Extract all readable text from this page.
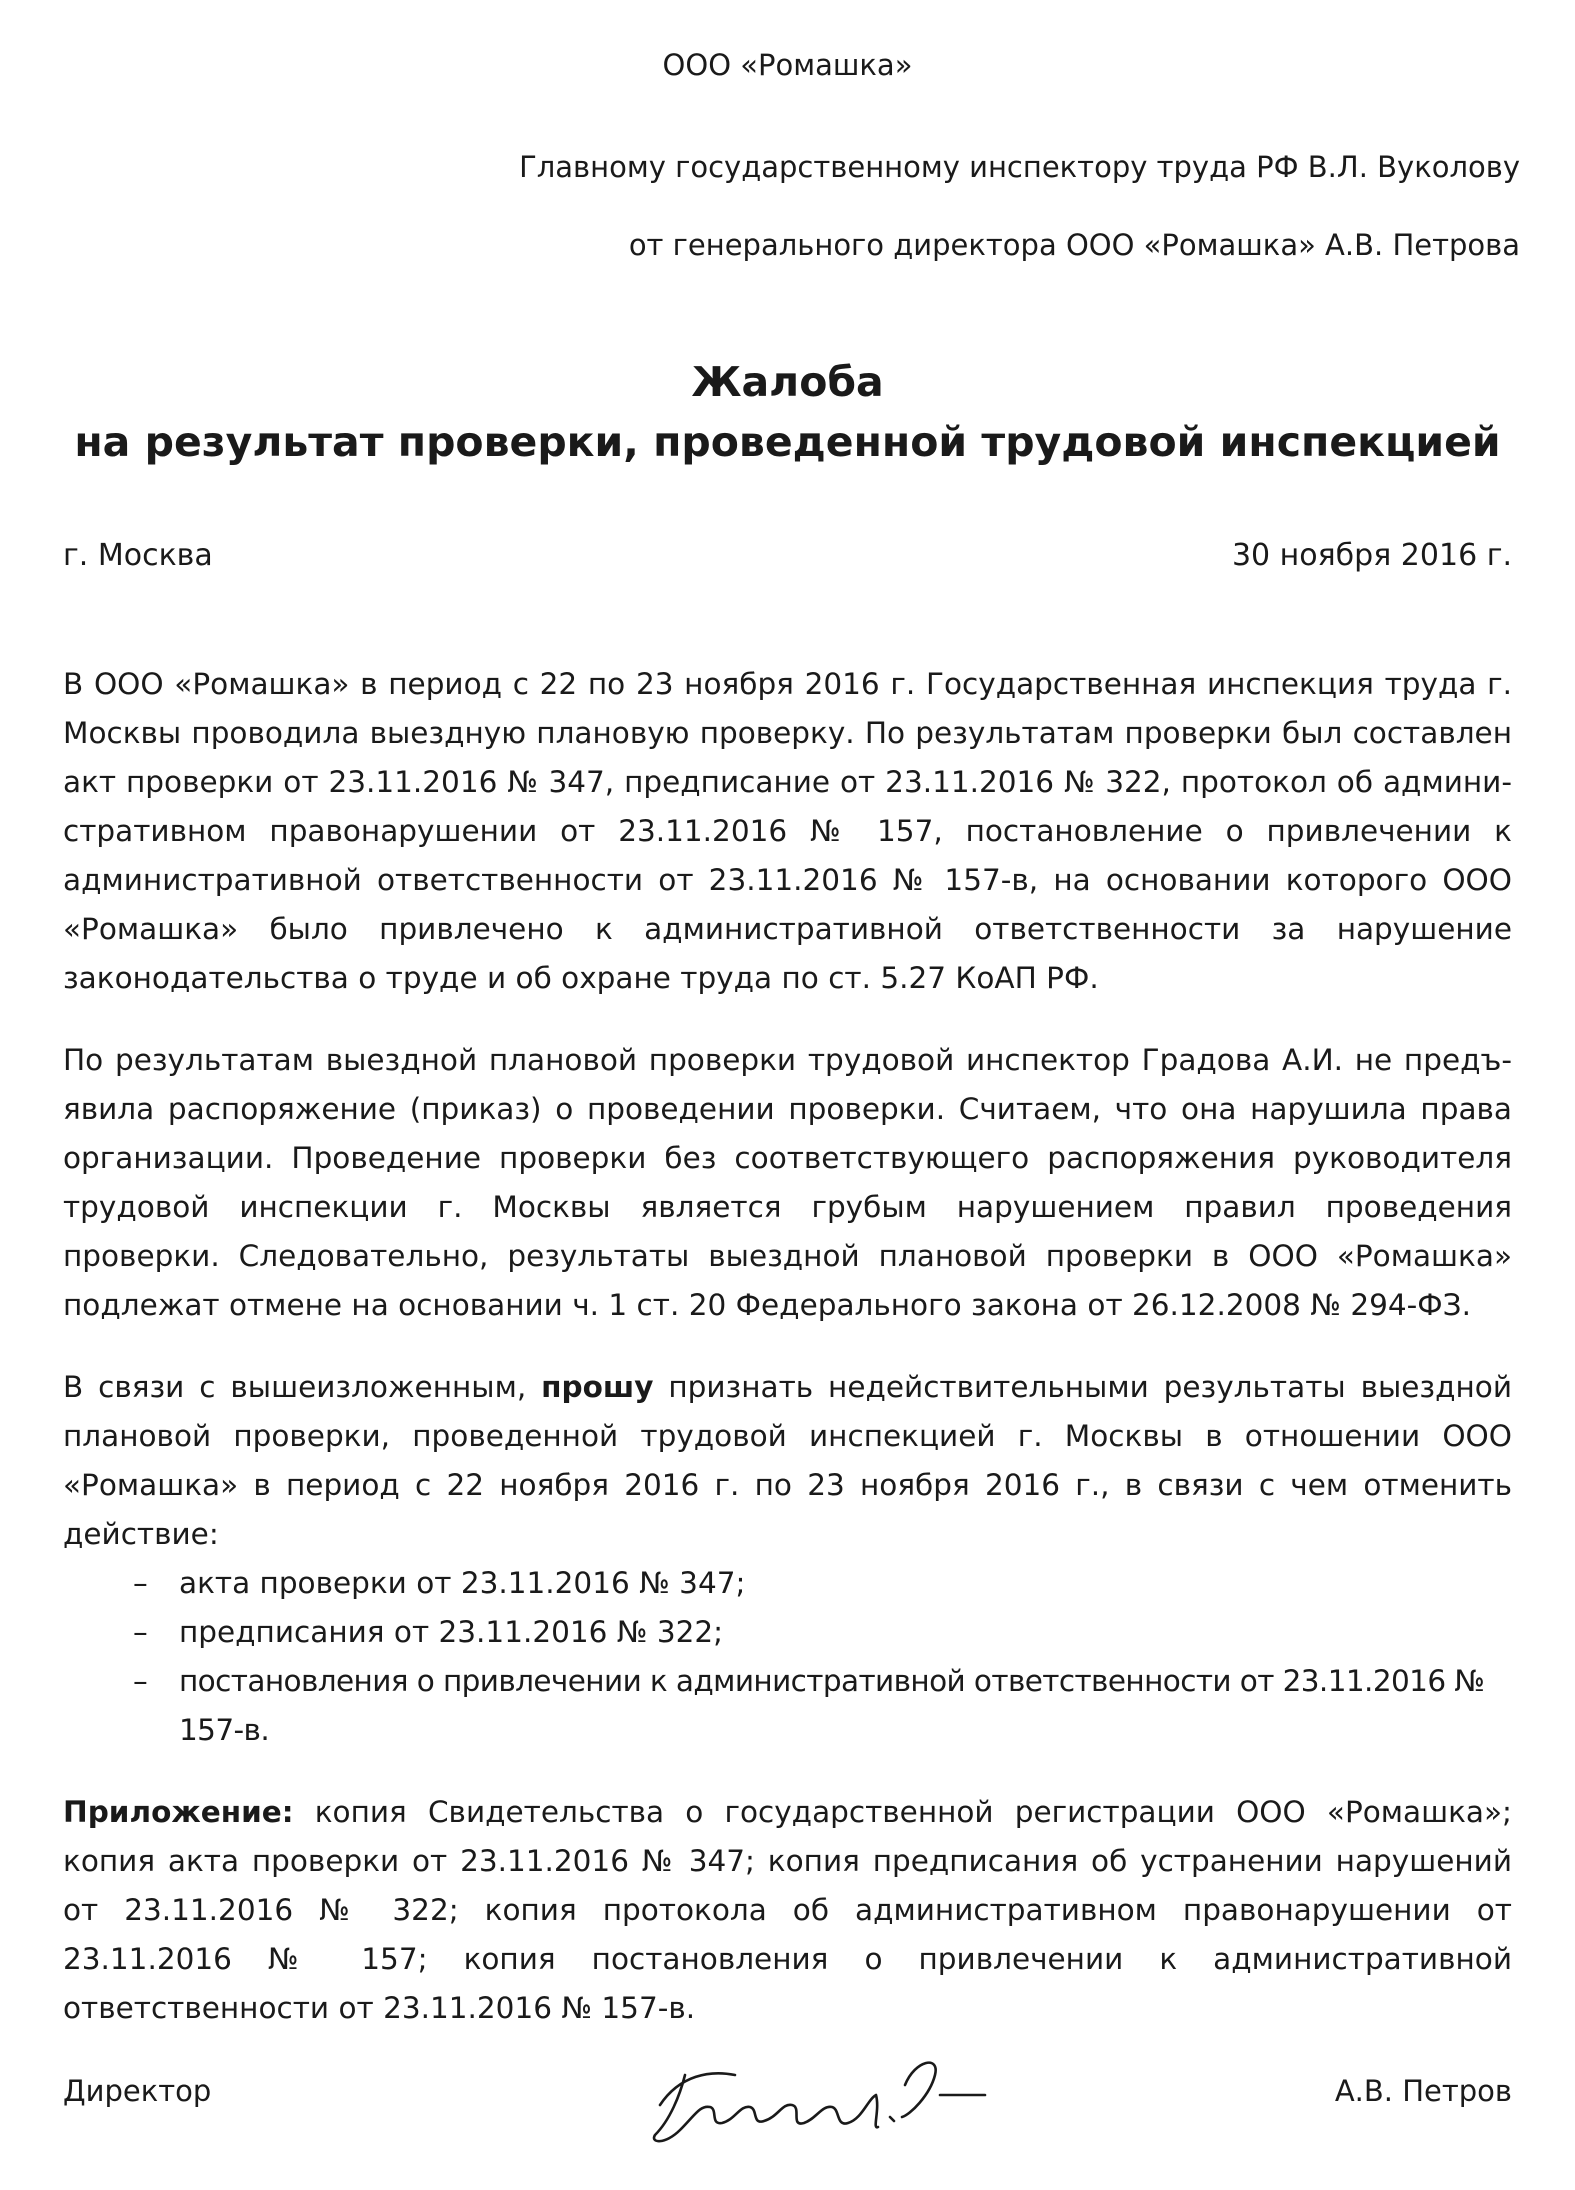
ООО «Ромашка»
Главному государственному инспектору труда РФ В.Л. Вуколову
от генерального директора ООО «Ромашка» А.В. Петрова
Жалоба
на результат проверки, проведенной трудовой инспекцией
г. Москва	30 ноября 2016 г.

В ООО «Ромашка» в период с 22 по 23 ноября 2016 г. Государственная инспекция труда г. Москвы проводила выездную плановую проверку. По результатам проверки был составлен акт проверки от 23.11.2016 № 347, предписание от 23.11.2016 № 322, протокол об административном правонарушении от 23.11.2016 № 157, постановление о привлечении к административной ответственности от 23.11.2016 № 157-в, на основании которого ООО «Ромашка» было привлечено к административной ответственности за нарушение законодательства о труде и об охране труда по ст. 5.27 КоАП РФ.

По результатам выездной плановой проверки трудовой инспектор Градова А.И. не предъявила распоряжение (приказ) о проведении проверки. Считаем, что она нарушила права организации. Проведение проверки без соответствующего распоряжения руководителя трудовой инспекции г. Москвы является грубым нарушением правил проведения проверки. Следовательно, результаты выездной плановой проверки в ООО «Ромашка» подлежат отмене на основании ч. 1 ст. 20 Федерального закона от 26.12.2008 № 294-ФЗ.

В связи с вышеизложенным, прошу признать недействительными результаты выездной плановой проверки, проведенной трудовой инспекцией г. Москвы в отношении ООО «Ромашка» в период с 22 ноября 2016 г. по 23 ноября 2016 г., в связи с чем отменить действие:

– акта проверки от 23.11.2016 № 347;
– предписания от 23.11.2016 № 322;
– постановления о привлечении к административной ответственности от 23.11.2016 № 157-в.

Приложение: копия Свидетельства о государственной регистрации ООО «Ромашка»; копия акта проверки от 23.11.2016 № 347; копия предписания об устранении нарушений от 23.11.2016 № 322; копия протокола об административном правонарушении от 23.11.2016 № 157; копия постановления о привлечении к административной ответственности от 23.11.2016 № 157-в.

Директор	А.В. Петров
